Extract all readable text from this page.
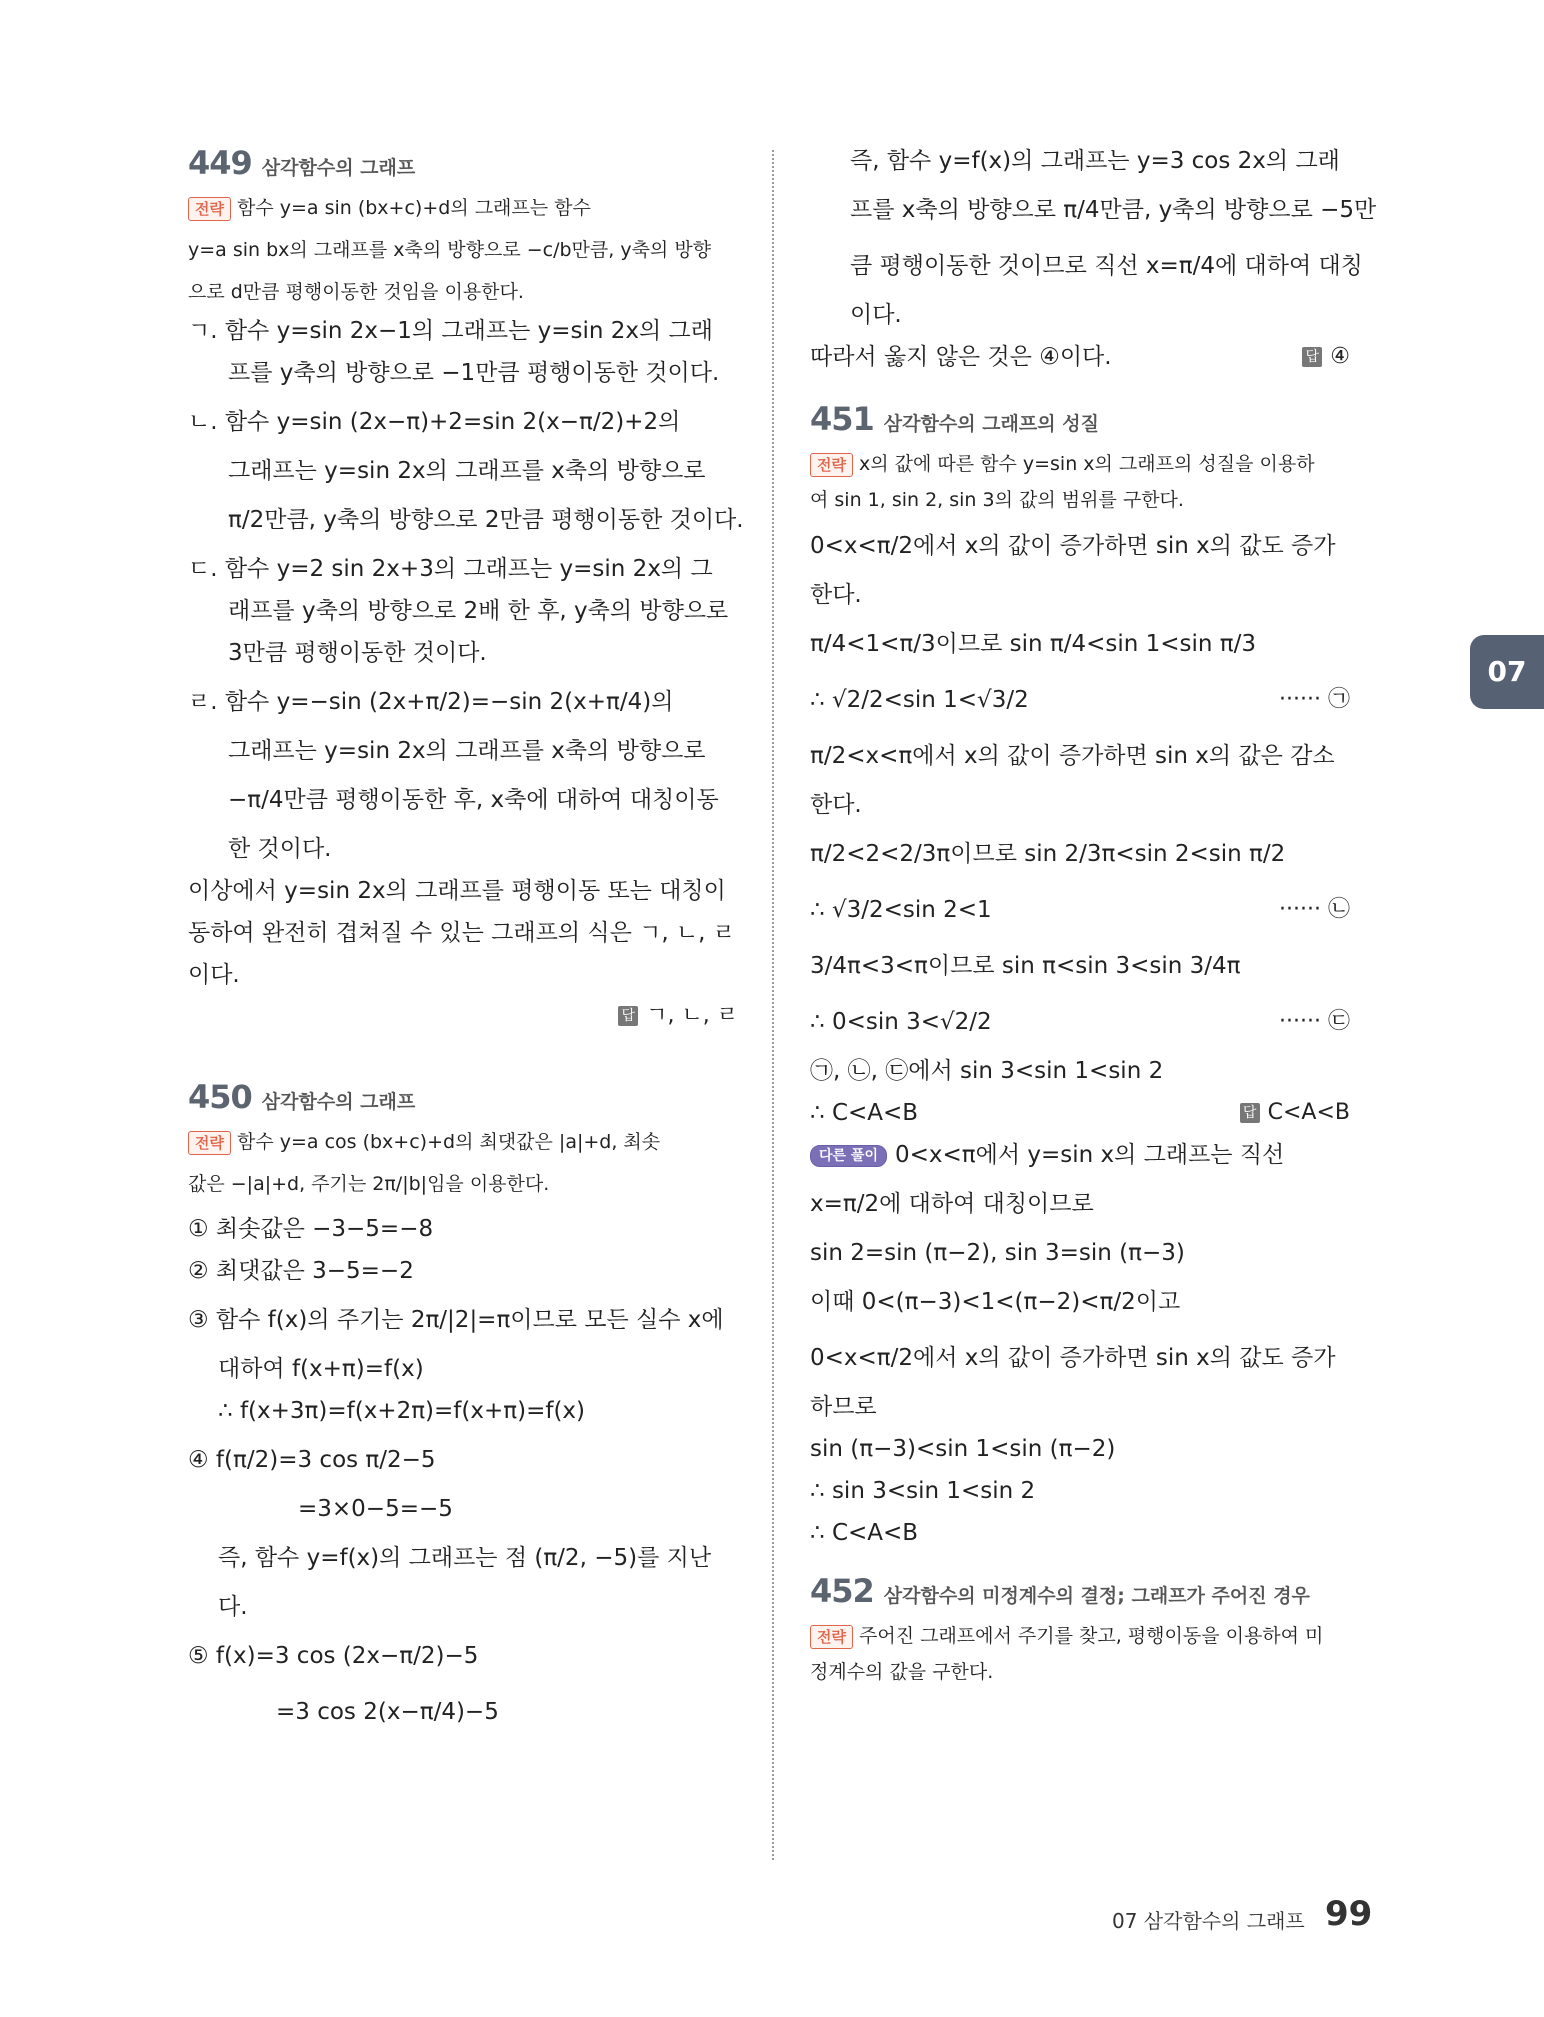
449 삼각함수의 그래프
전략 함수 y=a sin (bx+c)+d의 그래프는 함수
y=a sin bx의 그래프를 x축의 방향으로 −c/b만큼, y축의 방향
으로 d만큼 평행이동한 것임을 이용한다.
ㄱ. 함수 y=sin 2x−1의 그래프는 y=sin 2x의 그래
프를 y축의 방향으로 −1만큼 평행이동한 것이다.
ㄴ. 함수 y=sin (2x−π)+2=sin 2(x−π/2)+2의
그래프는 y=sin 2x의 그래프를 x축의 방향으로
π/2만큼, y축의 방향으로 2만큼 평행이동한 것이다.
ㄷ. 함수 y=2 sin 2x+3의 그래프는 y=sin 2x의 그
래프를 y축의 방향으로 2배 한 후, y축의 방향으로
3만큼 평행이동한 것이다.
ㄹ. 함수 y=−sin (2x+π/2)=−sin 2(x+π/4)의
그래프는 y=sin 2x의 그래프를 x축의 방향으로
−π/4만큼 평행이동한 후, x축에 대하여 대칭이동
한 것이다.
이상에서 y=sin 2x의 그래프를 평행이동 또는 대칭이
동하여 완전히 겹쳐질 수 있는 그래프의 식은 ㄱ, ㄴ, ㄹ
이다.
답 ㄱ, ㄴ, ㄹ
450 삼각함수의 그래프
전략 함수 y=a cos (bx+c)+d의 최댓값은 |a|+d, 최솟
값은 −|a|+d, 주기는 2π/|b|임을 이용한다.
① 최솟값은 −3−5=−8
② 최댓값은 3−5=−2
③ 함수 f(x)의 주기는 2π/|2|=π이므로 모든 실수 x에
대하여 f(x+π)=f(x)
∴ f(x+3π)=f(x+2π)=f(x+π)=f(x)
④ f(π/2)=3 cos π/2−5
=3×0−5=−5
즉, 함수 y=f(x)의 그래프는 점 (π/2, −5)를 지난
다.
⑤ f(x)=3 cos (2x−π/2)−5
=3 cos 2(x−π/4)−5
즉, 함수 y=f(x)의 그래프는 y=3 cos 2x의 그래
프를 x축의 방향으로 π/4만큼, y축의 방향으로 −5만
큼 평행이동한 것이므로 직선 x=π/4에 대하여 대칭
이다.
따라서 옳지 않은 것은 ④이다.	답 ④
451 삼각함수의 그래프의 성질
전략 x의 값에 따른 함수 y=sin x의 그래프의 성질을 이용하
여 sin 1, sin 2, sin 3의 값의 범위를 구한다.
0<x<π/2에서 x의 값이 증가하면 sin x의 값도 증가
한다.
π/4<1<π/3이므로 sin π/4<sin 1<sin π/3
∴ √2/2<sin 1<√3/2	······ ㉠
π/2<x<π에서 x의 값이 증가하면 sin x의 값은 감소
한다.
π/2<2<2/3π이므로 sin 2/3π<sin 2<sin π/2
∴ √3/2<sin 2<1	······ ㉡
3/4π<3<π이므로 sin π<sin 3<sin 3/4π
∴ 0<sin 3<√2/2	······ ㉢
㉠, ㉡, ㉢에서 sin 3<sin 1<sin 2
∴ C<A<B	답 C<A<B
다른 풀이 0<x<π에서 y=sin x의 그래프는 직선
x=π/2에 대하여 대칭이므로
sin 2=sin (π−2), sin 3=sin (π−3)
이때 0<(π−3)<1<(π−2)<π/2이고
0<x<π/2에서 x의 값이 증가하면 sin x의 값도 증가
하므로
sin (π−3)<sin 1<sin (π−2)
∴ sin 3<sin 1<sin 2
∴ C<A<B
452 삼각함수의 미정계수의 결정; 그래프가 주어진 경우
전략 주어진 그래프에서 주기를 찾고, 평행이동을 이용하여 미
정계수의 값을 구한다.
07
07 삼각함수의 그래프 99
